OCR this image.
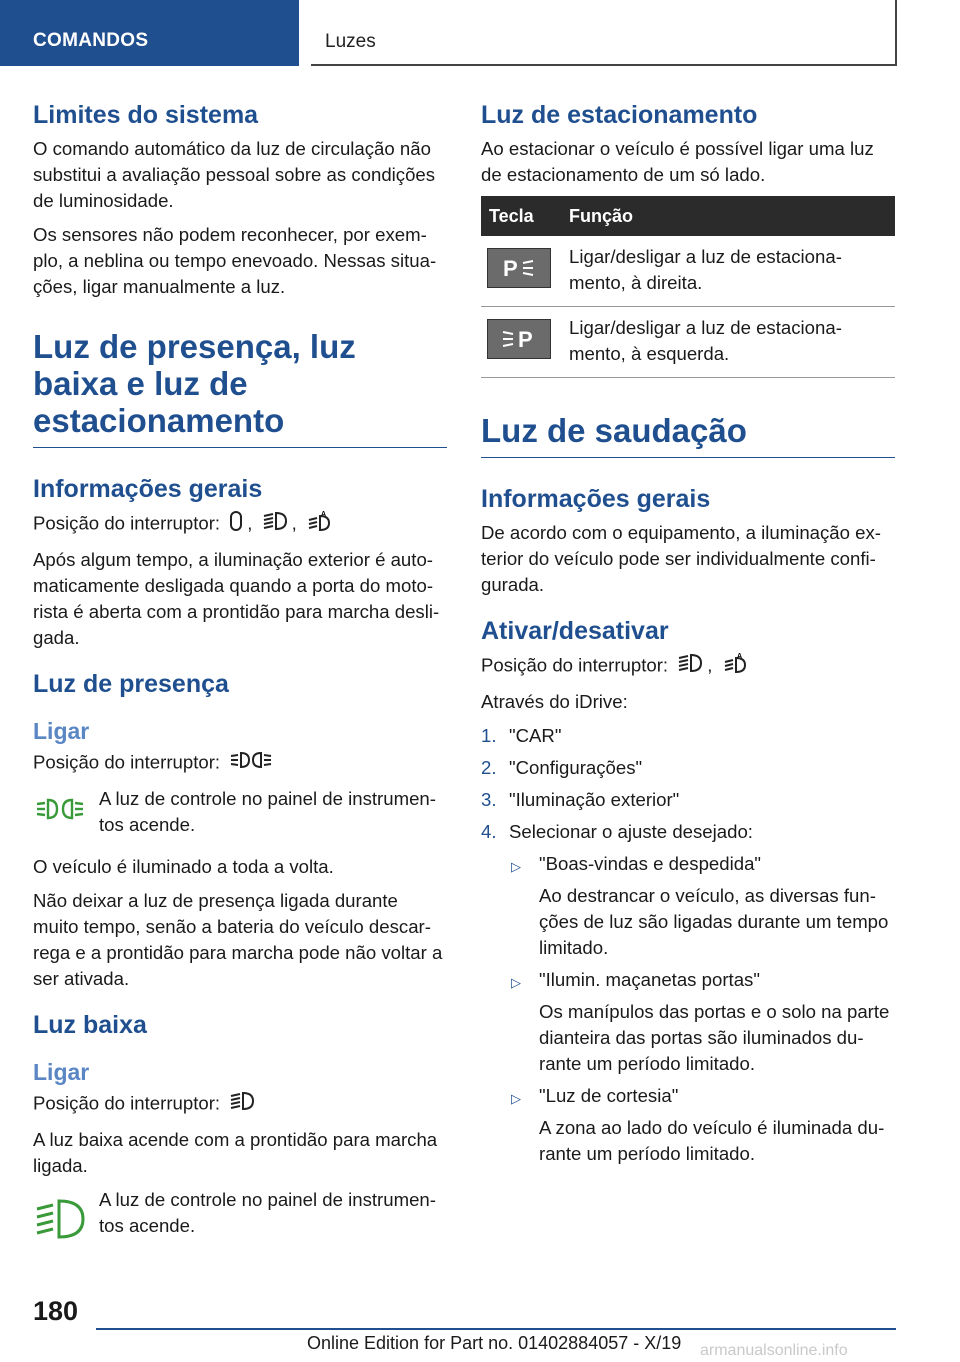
COMANDOS	Luzes
Limites do sistema

O comando automático da luz de circulação não substitui a avaliação pessoal sobre as condições de luminosidade.

Os sensores não podem reconhecer, por exemplo, a neblina ou tempo enevoado. Nessas situações, ligar manualmente a luz.

Luz de presença, luz baixa e luz de estacionamento
Informações gerais

Posição do interruptor: , ,	A

Após algum tempo, a iluminação exterior é automaticamente desligada quando a porta do motorista é aberta com a prontidão para marcha desligada.

Luz de presença
Ligar

Posição do interruptor:

A luz de controle no painel de instrumentos acende.

O veículo é iluminado a toda a volta.

Não deixar a luz de presença ligada durante muito tempo, senão a bateria do veículo descarrega e a prontidão para marcha pode não voltar a ser ativada.

Luz baixa
Ligar

Posição do interruptor:

A luz baixa acende com a prontidão para marcha ligada.

A luz de controle no painel de instrumentos acende.

Luz de estacionamento

Ao estacionar o veículo é possível ligar uma luz de estacionamento de um só lado.

Tecla	Função

P	Ligar/desligar a luz de estacionamento, à direita.

P	Ligar/desligar a luz de estacionamento, à esquerda.
Luz de saudação
Informações gerais

De acordo com o equipamento, a iluminação exterior do veículo pode ser individualmente configurada.

Ativar/desativar

Posição do interruptor: ,	A

Através do iDrive:

1. "CAR"
2. "Configurações"
3. "Iluminação exterior"
4. Selecionar o ajuste desejado:
▷ "Boas-vindas e despedida"

Ao destrancar o veículo, as diversas funções de luz são ligadas durante um tempo limitado.

▷ "Ilumin. maçanetas portas"

Os manípulos das portas e o solo na parte dianteira das portas são iluminados durante um período limitado.

▷ "Luz de cortesia"

A zona ao lado do veículo é iluminada durante um período limitado.

180
Online Edition for Part no. 01402884057 - X/19 armanualsonline.info
